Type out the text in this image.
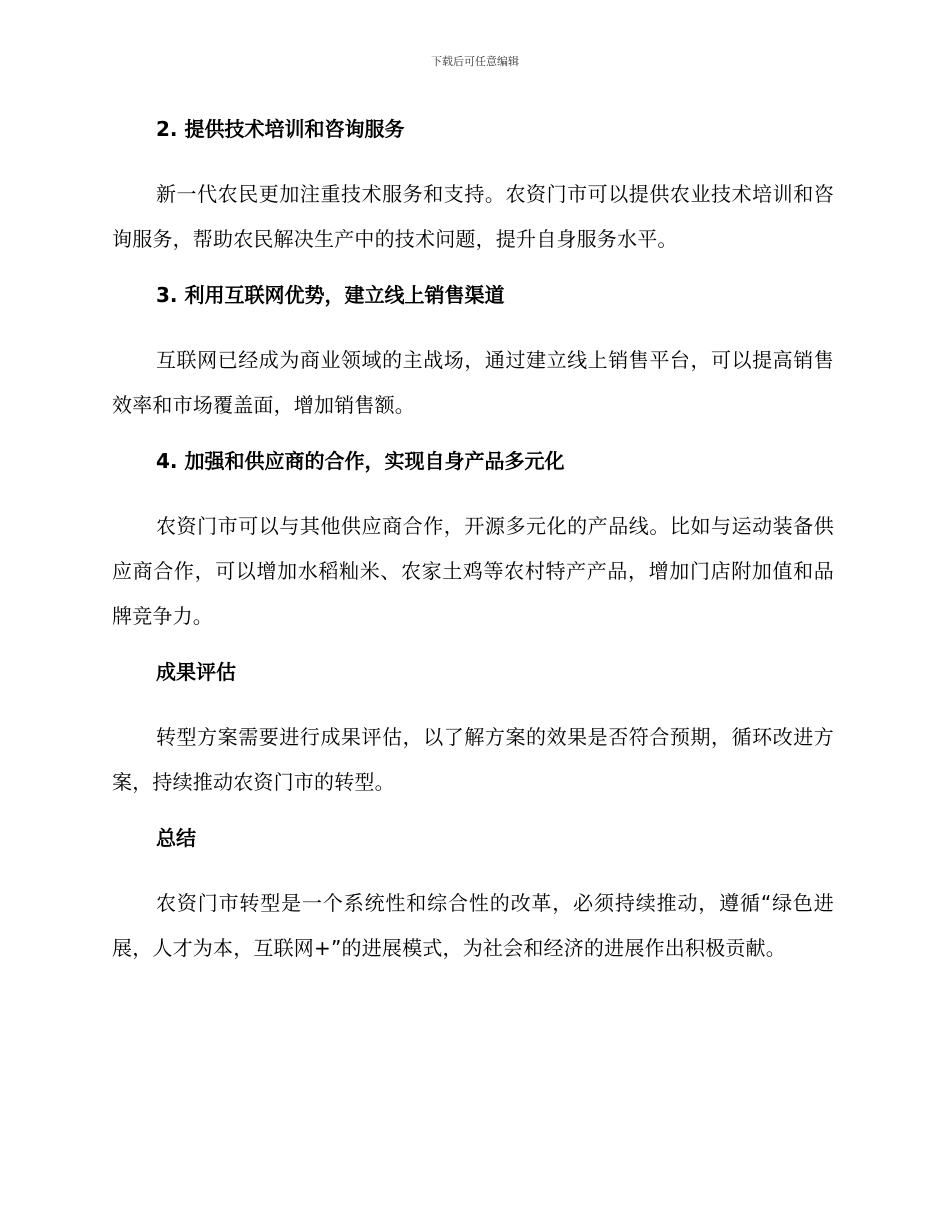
下载后可任意编辑
2. 提供技术培训和咨询服务

新一代农民更加注重技术服务和支持。农资门市可以提供农业技术培训和咨询服务，帮助农民解决生产中的技术问题，提升自身服务水平。

3. 利用互联网优势，建立线上销售渠道

互联网已经成为商业领域的主战场，通过建立线上销售平台，可以提高销售效率和市场覆盖面，增加销售额。

4. 加强和供应商的合作，实现自身产品多元化

农资门市可以与其他供应商合作，开源多元化的产品线。比如与运动装备供应商合作，可以增加水稻籼米、农家土鸡等农村特产产品，增加门店附加值和品牌竞争力。

成果评估

转型方案需要进行成果评估，以了解方案的效果是否符合预期，循环改进方案，持续推动农资门市的转型。

总结

农资门市转型是一个系统性和综合性的改革，必须持续推动，遵循“绿色进展，人才为本，互联网+”的进展模式，为社会和经济的进展作出积极贡献。
